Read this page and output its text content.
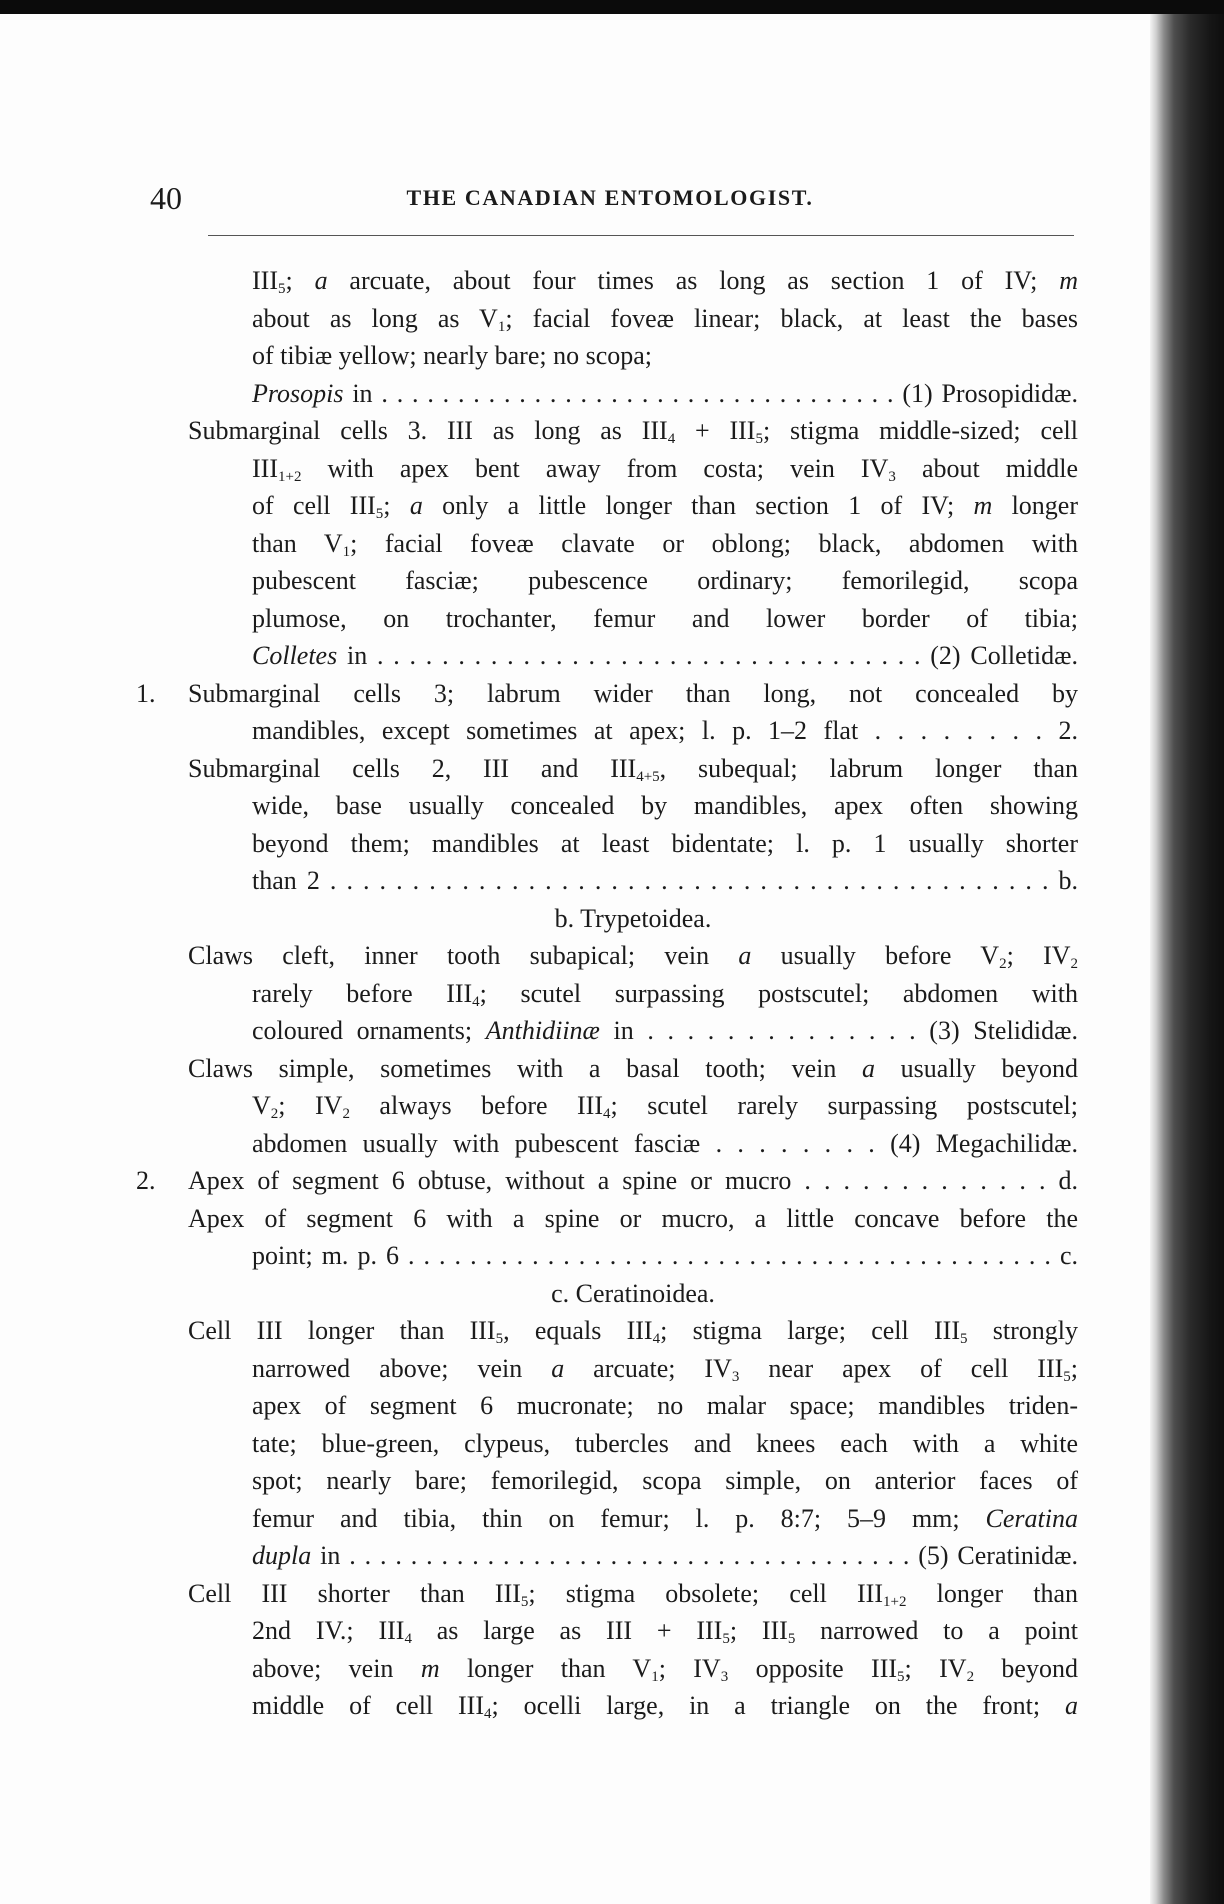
40	THE CANADIAN ENTOMOLOGIST.
$III_5$; a arcuate, about four times as long as section 1 of IV; m
about as long as $V_1$; facial foveæ linear; black, at least the bases
of tibiæ yellow; nearly bare; no scopa;
Prosopis in . . . . . . . . . . . . . . . . . . . . . . . . . . . . . . . . . . (1) Prosopididæ.
Submarginal cells 3. III as long as $III_4 + III_5$; stigma middle-sized; cell
$III_{1+2}$ with apex bent away from costa; vein $IV_3$ about middle
of cell $III_5$; a only a little longer than section 1 of IV; m longer
than $V_1$; facial foveæ clavate or oblong; black, abdomen with
pubescent fasciæ; pubescence ordinary; femorilegid, scopa
plumose, on trochanter, femur and lower border of tibia;
Colletes in . . . . . . . . . . . . . . . . . . . . . . . . . . . . . . . . . . (2) Colletidæ.
1.	Submarginal cells 3; labrum wider than long, not concealed by
mandibles, except sometimes at apex; l. p. 1–2 flat . . . . . . . . 2.
Submarginal cells 2, III and $III_{4+5}$, subequal; labrum longer than
wide, base usually concealed by mandibles, apex often showing
beyond them; mandibles at least bidentate; l. p. 1 usually shorter
than 2 . . . . . . . . . . . . . . . . . . . . . . . . . . . . . . . . . . . . . . . . . . . . b.
b. Trypetoidea.
Claws cleft, inner tooth subapical; vein a usually before $V_2$; $IV_2$
rarely before $III_4$; scutel surpassing postscutel; abdomen with
coloured ornaments; Anthidiinæ in . . . . . . . . . . . . . . (3) Stelididæ.
Claws simple, sometimes with a basal tooth; vein a usually beyond
$V_2$; $IV_2$ always before $III_4$; scutel rarely surpassing postscutel;
abdomen usually with pubescent fasciæ . . . . . . . . (4) Megachilidæ.
2.	Apex of segment 6 obtuse, without a spine or mucro . . . . . . . . . . . . . d.
Apex of segment 6 with a spine or mucro, a little concave before the
point; m. p. 6 . . . . . . . . . . . . . . . . . . . . . . . . . . . . . . . . . . . . . . . . . . c.
c. Ceratinoidea.
Cell III longer than $III_5$, equals $III_4$; stigma large; cell $III_5$ strongly
narrowed above; vein a arcuate; $IV_3$ near apex of cell $III_5$;
apex of segment 6 mucronate; no malar space; mandibles triden-
tate; blue-green, clypeus, tubercles and knees each with a white
spot; nearly bare; femorilegid, scopa simple, on anterior faces of
femur and tibia, thin on femur; l. p. 8:7; 5–9 mm; Ceratina
dupla in . . . . . . . . . . . . . . . . . . . . . . . . . . . . . . . . . . . . . (5) Ceratinidæ.
Cell III shorter than $III_5$; stigma obsolete; cell $III_{1+2}$ longer than
2nd IV.; $III_4$ as large as III + $III_5$; $III_5$ narrowed to a point
above; vein m longer than $V_1$; $IV_3$ opposite $III_5$; $IV_2$ beyond
middle of cell $III_4$; ocelli large, in a triangle on the front; a
